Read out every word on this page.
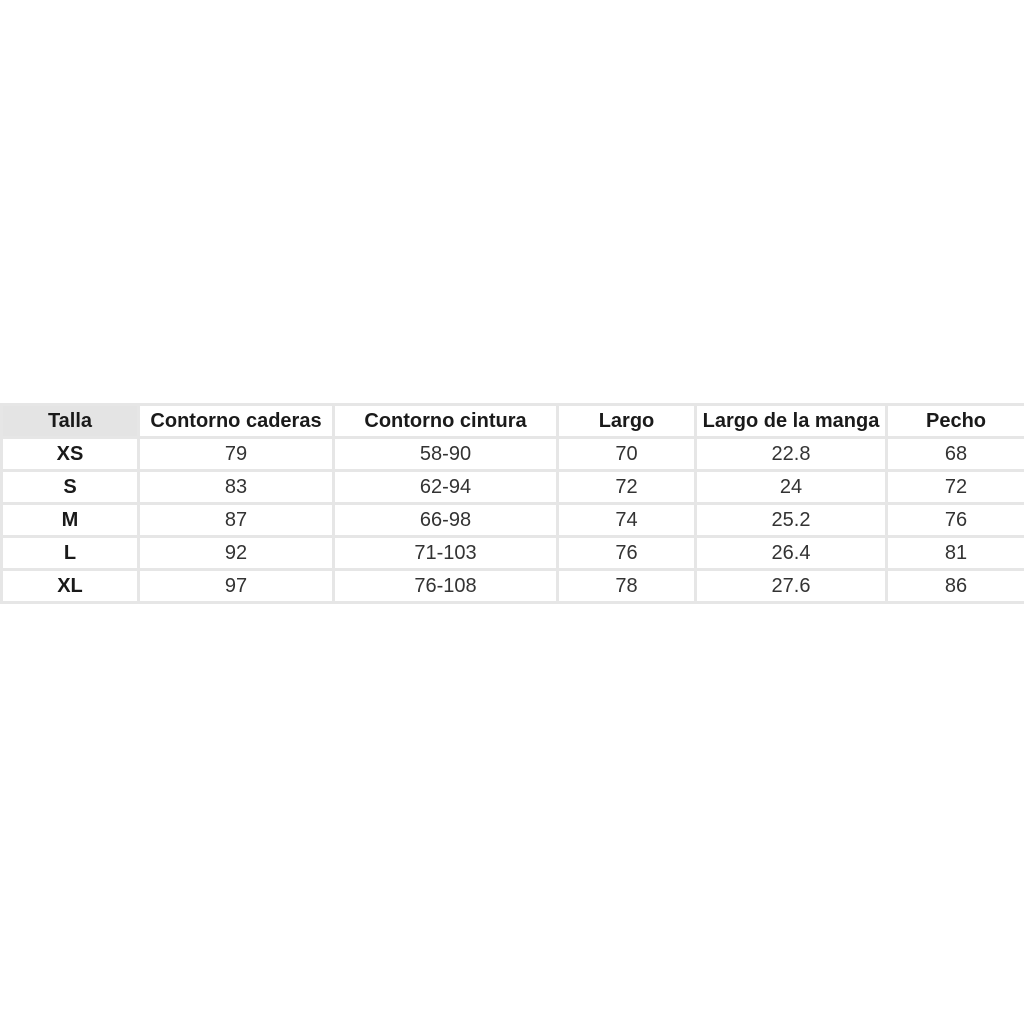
Talla	Contorno caderas	Contorno cintura	Largo	Largo de la manga	Pecho
XS	79	58-90	70	22.8	68
S	83	62-94	72	24	72
M	87	66-98	74	25.2	76
L	92	71-103	76	26.4	81
XL	97	76-108	78	27.6	86
